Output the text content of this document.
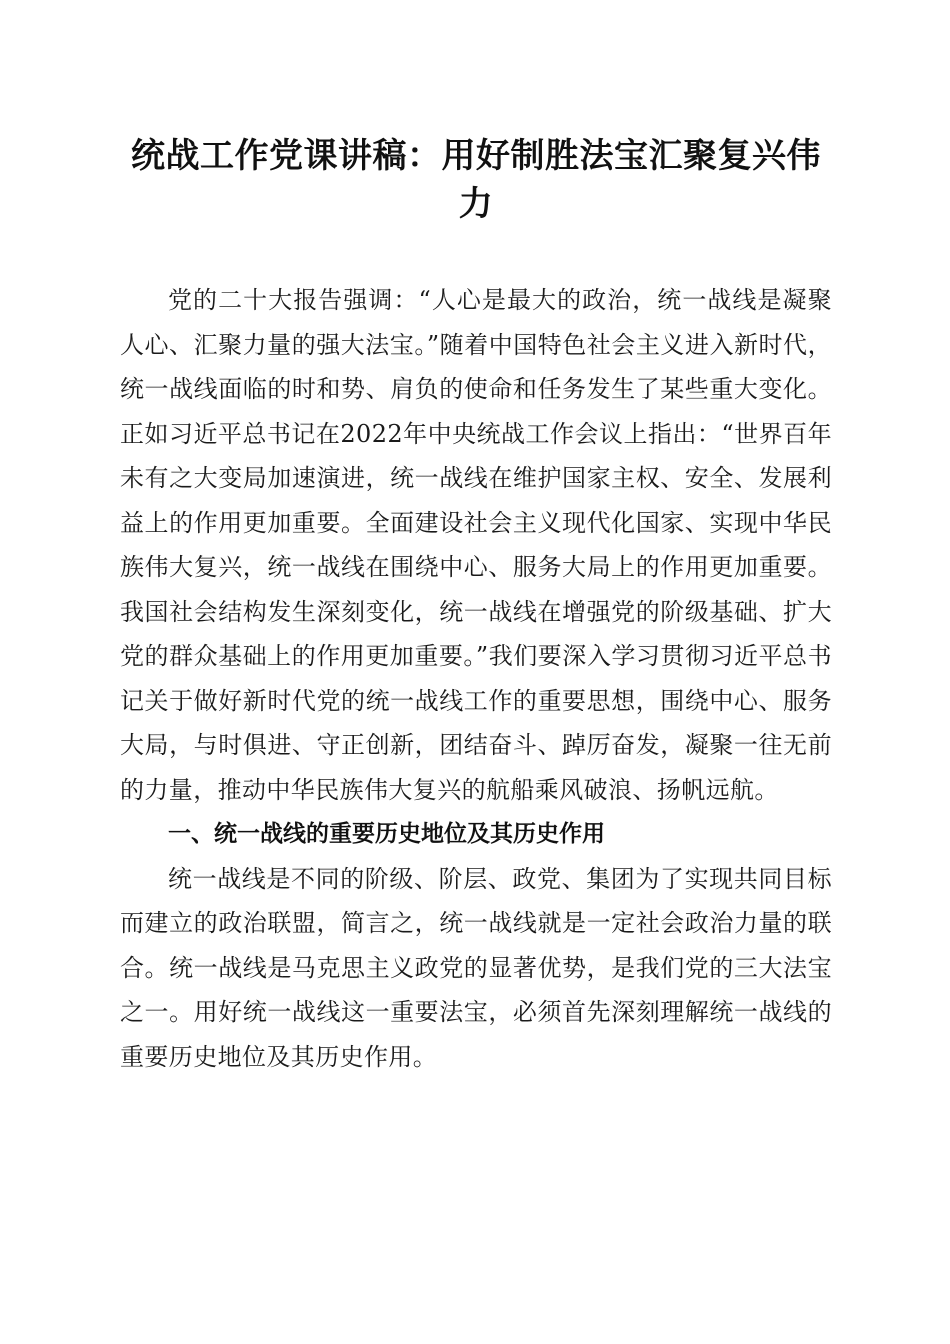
统战工作党课讲稿：用好制胜法宝汇聚复兴伟力

党的二十大报告强调：“人心是最大的政治，统一战线是凝聚人心、汇聚力量的强大法宝。”随着中国特色社会主义进入新时代，统一战线面临的时和势、肩负的使命和任务发生了某些重大变化。正如习近平总书记在2022年中央统战工作会议上指出：“世界百年未有之大变局加速演进，统一战线在维护国家主权、安全、发展利益上的作用更加重要。全面建设社会主义现代化国家、实现中华民族伟大复兴，统一战线在围绕中心、服务大局上的作用更加重要。我国社会结构发生深刻变化，统一战线在增强党的阶级基础、扩大党的群众基础上的作用更加重要。”我们要深入学习贯彻习近平总书记关于做好新时代党的统一战线工作的重要思想，围绕中心、服务大局，与时俱进、守正创新，团结奋斗、踔厉奋发，凝聚一往无前的力量，推动中华民族伟大复兴的航船乘风破浪、扬帆远航。

一、统一战线的重要历史地位及其历史作用

统一战线是不同的阶级、阶层、政党、集团为了实现共同目标而建立的政治联盟，简言之，统一战线就是一定社会政治力量的联合。统一战线是马克思主义政党的显著优势，是我们党的三大法宝之一。用好统一战线这一重要法宝，必须首先深刻理解统一战线的重要历史地位及其历史作用。
